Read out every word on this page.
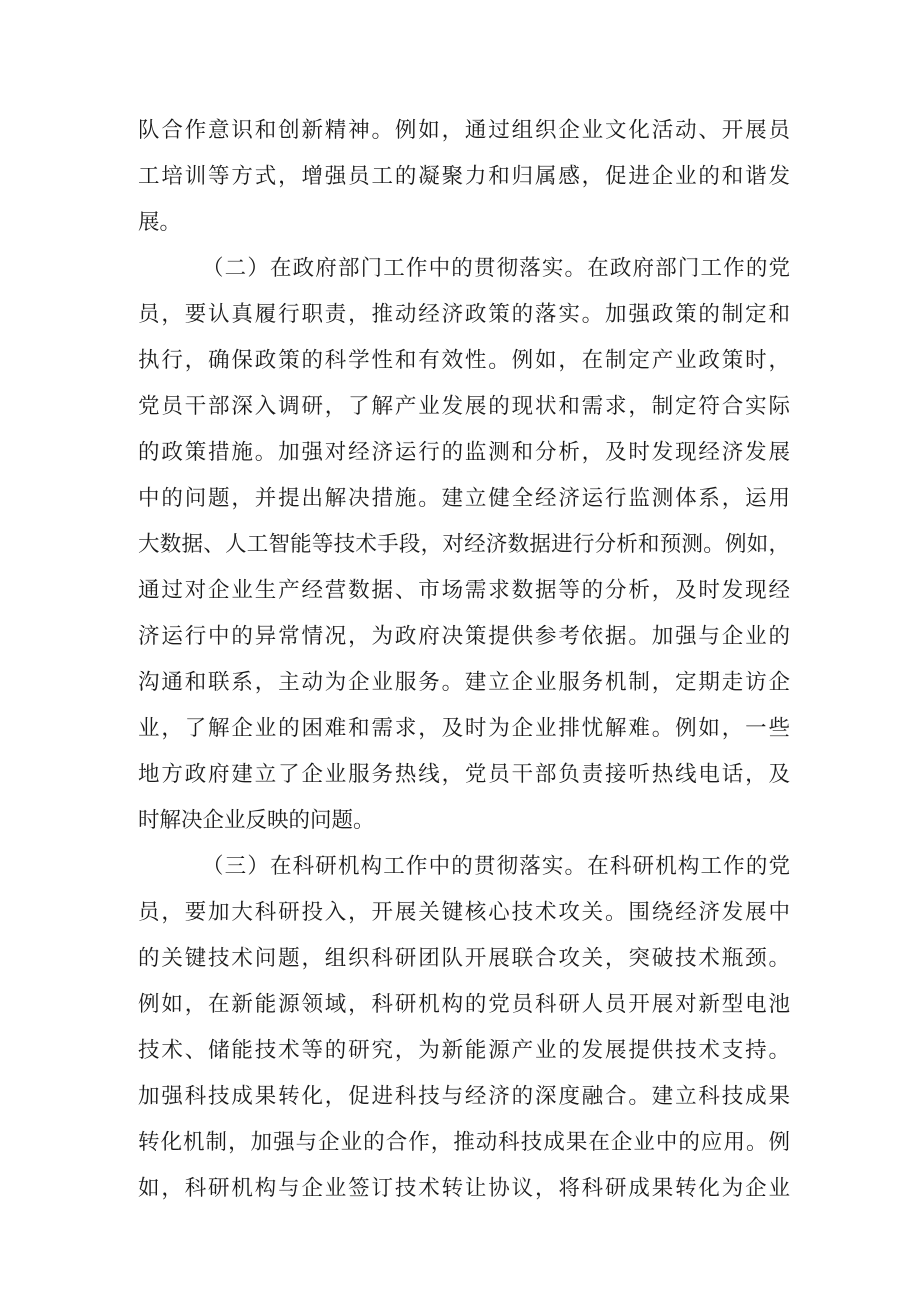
队合作意识和创新精神。例如，通过组织企业文化活动、开展员
工培训等方式，增强员工的凝聚力和归属感，促进企业的和谐发
展。
（二）在政府部门工作中的贯彻落实。在政府部门工作的党
员，要认真履行职责，推动经济政策的落实。加强政策的制定和
执行，确保政策的科学性和有效性。例如，在制定产业政策时，
党员干部深入调研，了解产业发展的现状和需求，制定符合实际
的政策措施。加强对经济运行的监测和分析，及时发现经济发展
中的问题，并提出解决措施。建立健全经济运行监测体系，运用
大数据、人工智能等技术手段，对经济数据进行分析和预测。例如，
通过对企业生产经营数据、市场需求数据等的分析，及时发现经
济运行中的异常情况，为政府决策提供参考依据。加强与企业的
沟通和联系，主动为企业服务。建立企业服务机制，定期走访企
业，了解企业的困难和需求，及时为企业排忧解难。例如，一些
地方政府建立了企业服务热线，党员干部负责接听热线电话，及
时解决企业反映的问题。
（三）在科研机构工作中的贯彻落实。在科研机构工作的党
员，要加大科研投入，开展关键核心技术攻关。围绕经济发展中
的关键技术问题，组织科研团队开展联合攻关，突破技术瓶颈。
例如，在新能源领域，科研机构的党员科研人员开展对新型电池
技术、储能技术等的研究，为新能源产业的发展提供技术支持。
加强科技成果转化，促进科技与经济的深度融合。建立科技成果
转化机制，加强与企业的合作，推动科技成果在企业中的应用。例
如，科研机构与企业签订技术转让协议，将科研成果转化为企业
